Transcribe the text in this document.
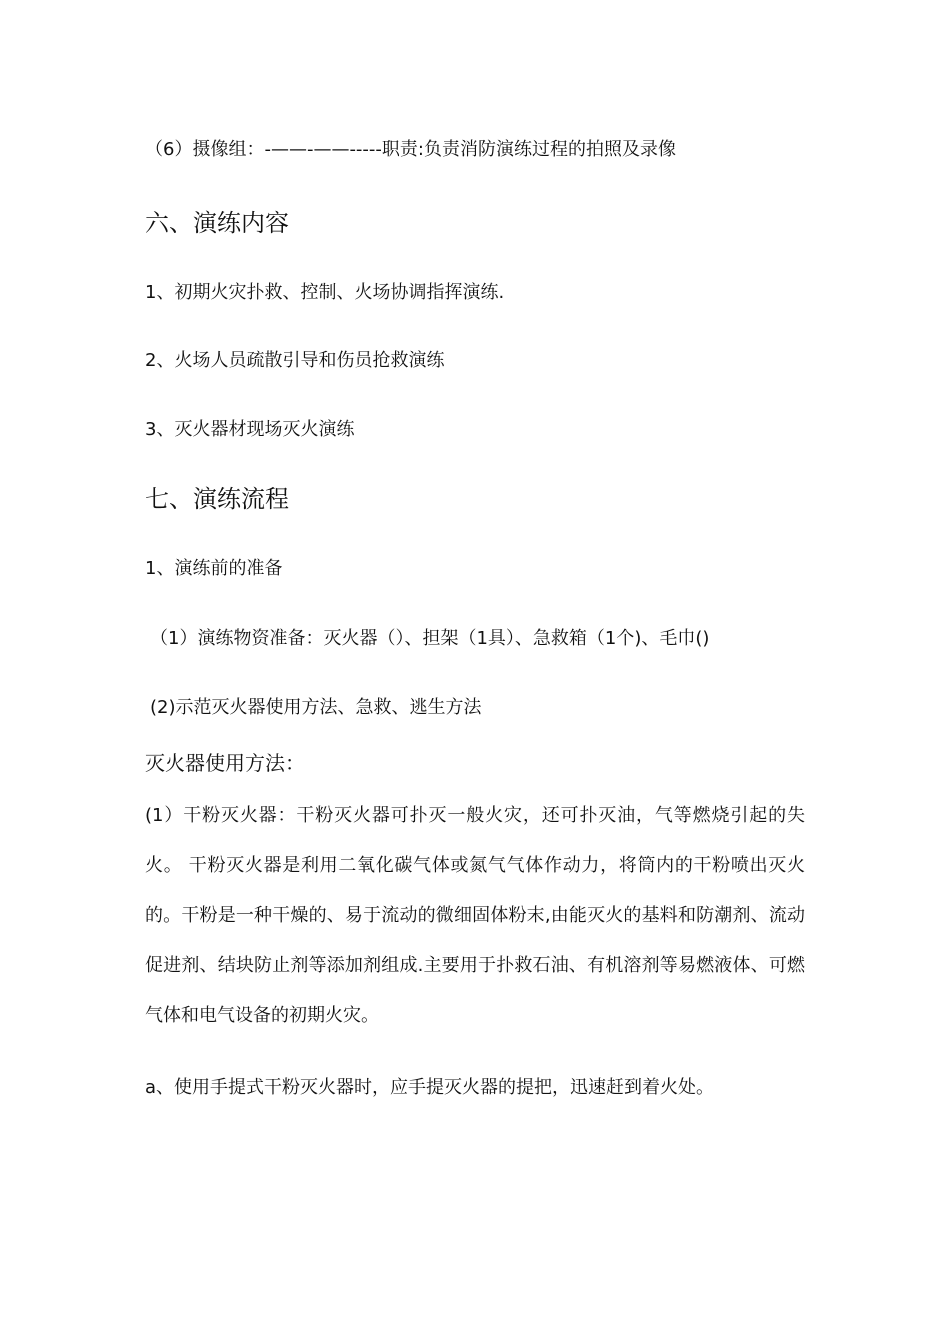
（6）摄像组：-——-——-----职责:负责消防演练过程的拍照及录像
六、演练内容
1、初期火灾扑救、控制、火场协调指挥演练.
2、火场人员疏散引导和伤员抢救演练
3、灭火器材现场灭火演练
七、演练流程
1、演练前的准备
（1）演练物资准备：灭火器（）、担架（1具）、急救箱（1个)、毛巾()
(2)示范灭火器使用方法、急救、逃生方法
灭火器使用方法：

(1）干粉灭火器：干粉灭火器可扑灭一般火灾，还可扑灭油，气等燃烧引起的失火。 干粉灭火器是利用二氧化碳气体或氮气气体作动力，将筒内的干粉喷出灭火的。干粉是一种干燥的、易于流动的微细固体粉末,由能灭火的基料和防潮剂、流动促进剂、结块防止剂等添加剂组成.主要用于扑救石油、有机溶剂等易燃液体、可燃气体和电气设备的初期火灾。

a、使用手提式干粉灭火器时，应手提灭火器的提把，迅速赶到着火处。
